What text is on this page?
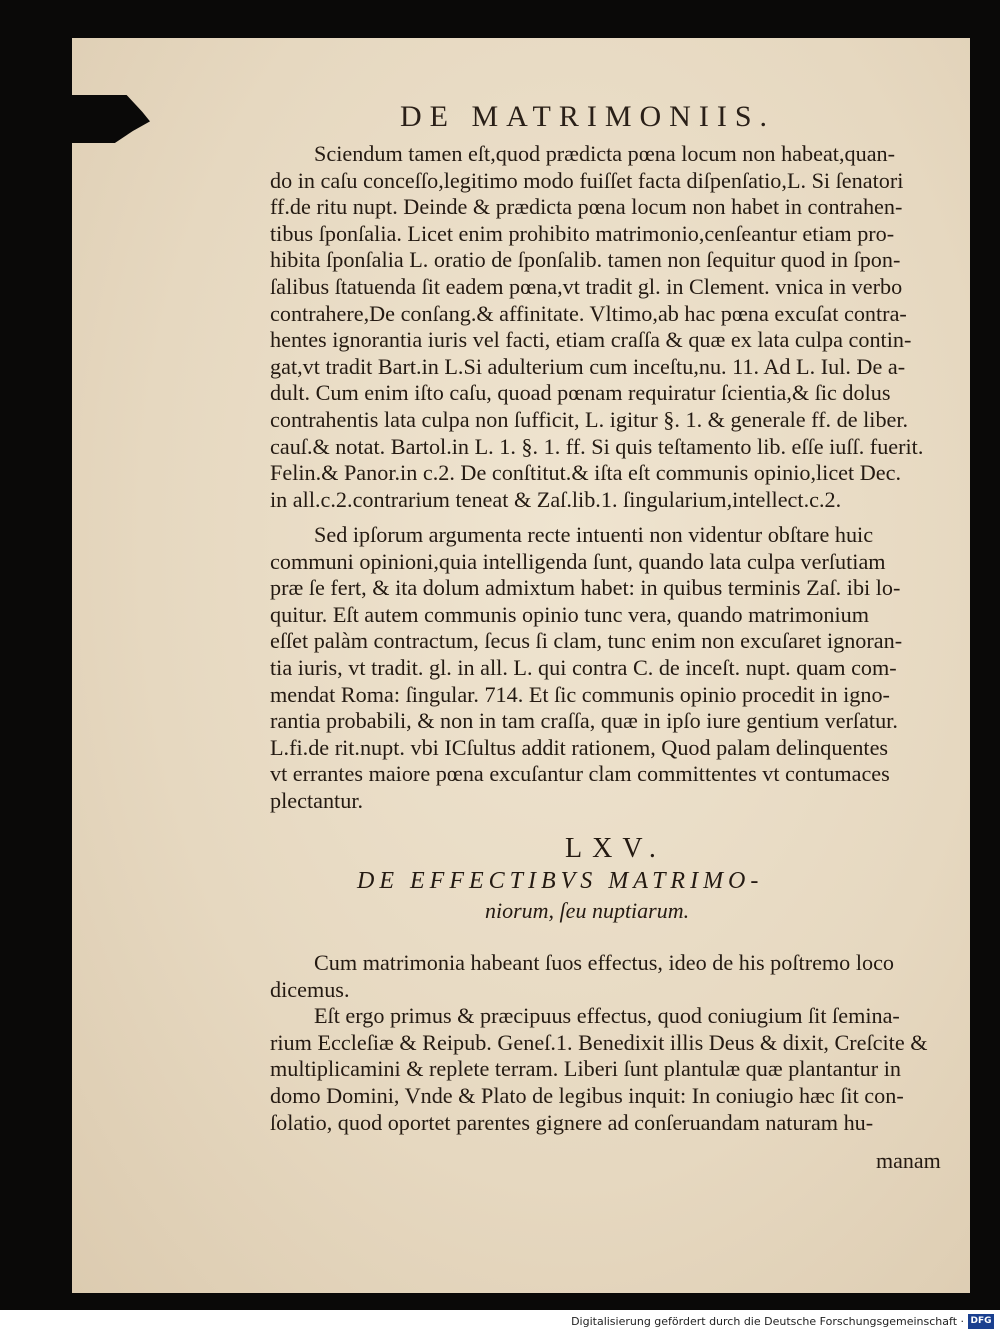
DE MATRIMONIIS.
Sciendum tamen eſt,quod prædicta pœna locum non habeat,quan-
do in caſu conceſſo,legitimo modo fuiſſet facta diſpenſatio,L. Si ſenatori
ff.de ritu nupt. Deinde & prædicta pœna locum non habet in contrahen-
tibus ſponſalia. Licet enim prohibito matrimonio,cenſeantur etiam pro-
hibita ſponſalia L. oratio de ſponſalib. tamen non ſequitur quod in ſpon-
ſalibus ſtatuenda ſit eadem pœna,vt tradit gl. in Clement. vnica in verbo
contrahere,De conſang.& affinitate. Vltimo,ab hac pœna excuſat contra-
hentes ignorantia iuris vel facti, etiam craſſa & quæ ex lata culpa contin-
gat,vt tradit Bart.in L.Si adulterium cum inceſtu,nu. 11. Ad L. Iul. De a-
dult. Cum enim iſto caſu, quoad pœnam requiratur ſcientia,& ſic dolus
contrahentis lata culpa non ſufficit, L. igitur §. 1. & generale ff. de liber.
cauſ.& notat. Bartol.in L. 1. §. 1. ff. Si quis teſtamento lib. eſſe iuſſ. fuerit.
Felin.& Panor.in c.2. De conſtitut.& iſta eſt communis opinio,licet Dec.
in all.c.2.contrarium teneat & Zaſ.lib.1. ſingularium,intellect.c.2.
Sed ipſorum argumenta recte intuenti non videntur obſtare huic
communi opinioni,quia intelligenda ſunt, quando lata culpa verſutiam
præ ſe fert, & ita dolum admixtum habet: in quibus terminis Zaſ. ibi lo-
quitur. Eſt autem communis opinio tunc vera, quando matrimonium
eſſet palàm contractum, ſecus ſi clam, tunc enim non excuſaret ignoran-
tia iuris, vt tradit. gl. in all. L. qui contra C. de inceſt. nupt. quam com-
mendat Roma: ſingular. 714. Et ſic communis opinio procedit in igno-
rantia probabili, & non in tam craſſa, quæ in ipſo iure gentium verſatur.
L.fi.de rit.nupt. vbi ICſultus addit rationem, Quod palam delinquentes
vt errantes maiore pœna excuſantur clam committentes vt contumaces
plectantur.
LXV.
DE EFFECTIBVS MATRIMO-
niorum, ſeu nuptiarum.
Cum matrimonia habeant ſuos effectus, ideo de his poſtremo loco
dicemus.
Eſt ergo primus & præcipuus effectus, quod coniugium ſit ſemina-
rium Eccleſiæ & Reipub. Geneſ.1. Benedixit illis Deus & dixit, Creſcite &
multiplicamini & replete terram. Liberi ſunt plantulæ quæ plantantur in
domo Domini, Vnde & Plato de legibus inquit: In coniugio hæc ſit con-
ſolatio, quod oportet parentes gignere ad conſeruandam naturam hu-
manam
Digitalisierung gefördert durch die Deutsche Forschungsgemeinschaft · DFG
